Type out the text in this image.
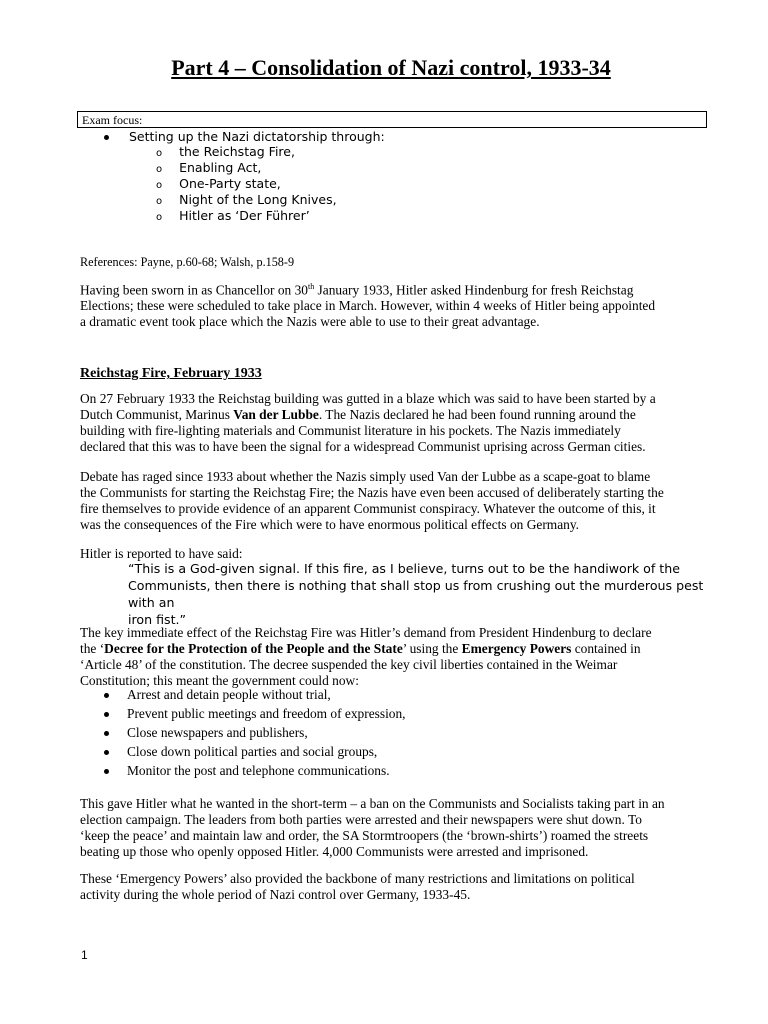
Part 4 – Consolidation of Nazi control, 1933-34
Exam focus:
Setting up the Nazi dictatorship through:
o the Reichstag Fire,
o Enabling Act,
o One-Party state,
o Night of the Long Knives,
o Hitler as ‘Der Führer’

References: Payne, p.60-68; Walsh, p.158-9

Having been sworn in as Chancellor on 30th January 1933, Hitler asked Hindenburg for fresh Reichstag
Elections; these were scheduled to take place in March. However, within 4 weeks of Hitler being appointed
a dramatic event took place which the Nazis were able to use to their great advantage.
Reichstag Fire, February 1933
On 27 February 1933 the Reichstag building was gutted in a blaze which was said to have been started by a
Dutch Communist, Marinus Van der Lubbe. The Nazis declared he had been found running around the
building with fire-lighting materials and Communist literature in his pockets. The Nazis immediately
declared that this was to have been the signal for a widespread Communist uprising across German cities.
Debate has raged since 1933 about whether the Nazis simply used Van der Lubbe as a scape-goat to blame
the Communists for starting the Reichstag Fire; the Nazis have even been accused of deliberately starting the
fire themselves to provide evidence of an apparent Communist conspiracy. Whatever the outcome of this, it
was the consequences of the Fire which were to have enormous political effects on Germany.

Hitler is reported to have said:

“This is a God-given signal. If this fire, as I believe, turns out to be the handiwork of the
Communists, then there is nothing that shall stop us from crushing out the murderous pest with an
iron fist.”
The key immediate effect of the Reichstag Fire was Hitler’s demand from President Hindenburg to declare
the ‘Decree for the Protection of the People and the State’ using the Emergency Powers contained in
‘Article 48’ of the constitution. The decree suspended the key civil liberties contained in the Weimar
Constitution; this meant the government could now:
Arrest and detain people without trial,
Prevent public meetings and freedom of expression,
Close newspapers and publishers,
Close down political parties and social groups,
Monitor the post and telephone communications.
This gave Hitler what he wanted in the short-term – a ban on the Communists and Socialists taking part in an
election campaign. The leaders from both parties were arrested and their newspapers were shut down. To
‘keep the peace’ and maintain law and order, the SA Stormtroopers (the ‘brown-shirts’) roamed the streets
beating up those who openly opposed Hitler. 4,000 Communists were arrested and imprisoned.
These ‘Emergency Powers’ also provided the backbone of many restrictions and limitations on political
activity during the whole period of Nazi control over Germany, 1933-45.
1
